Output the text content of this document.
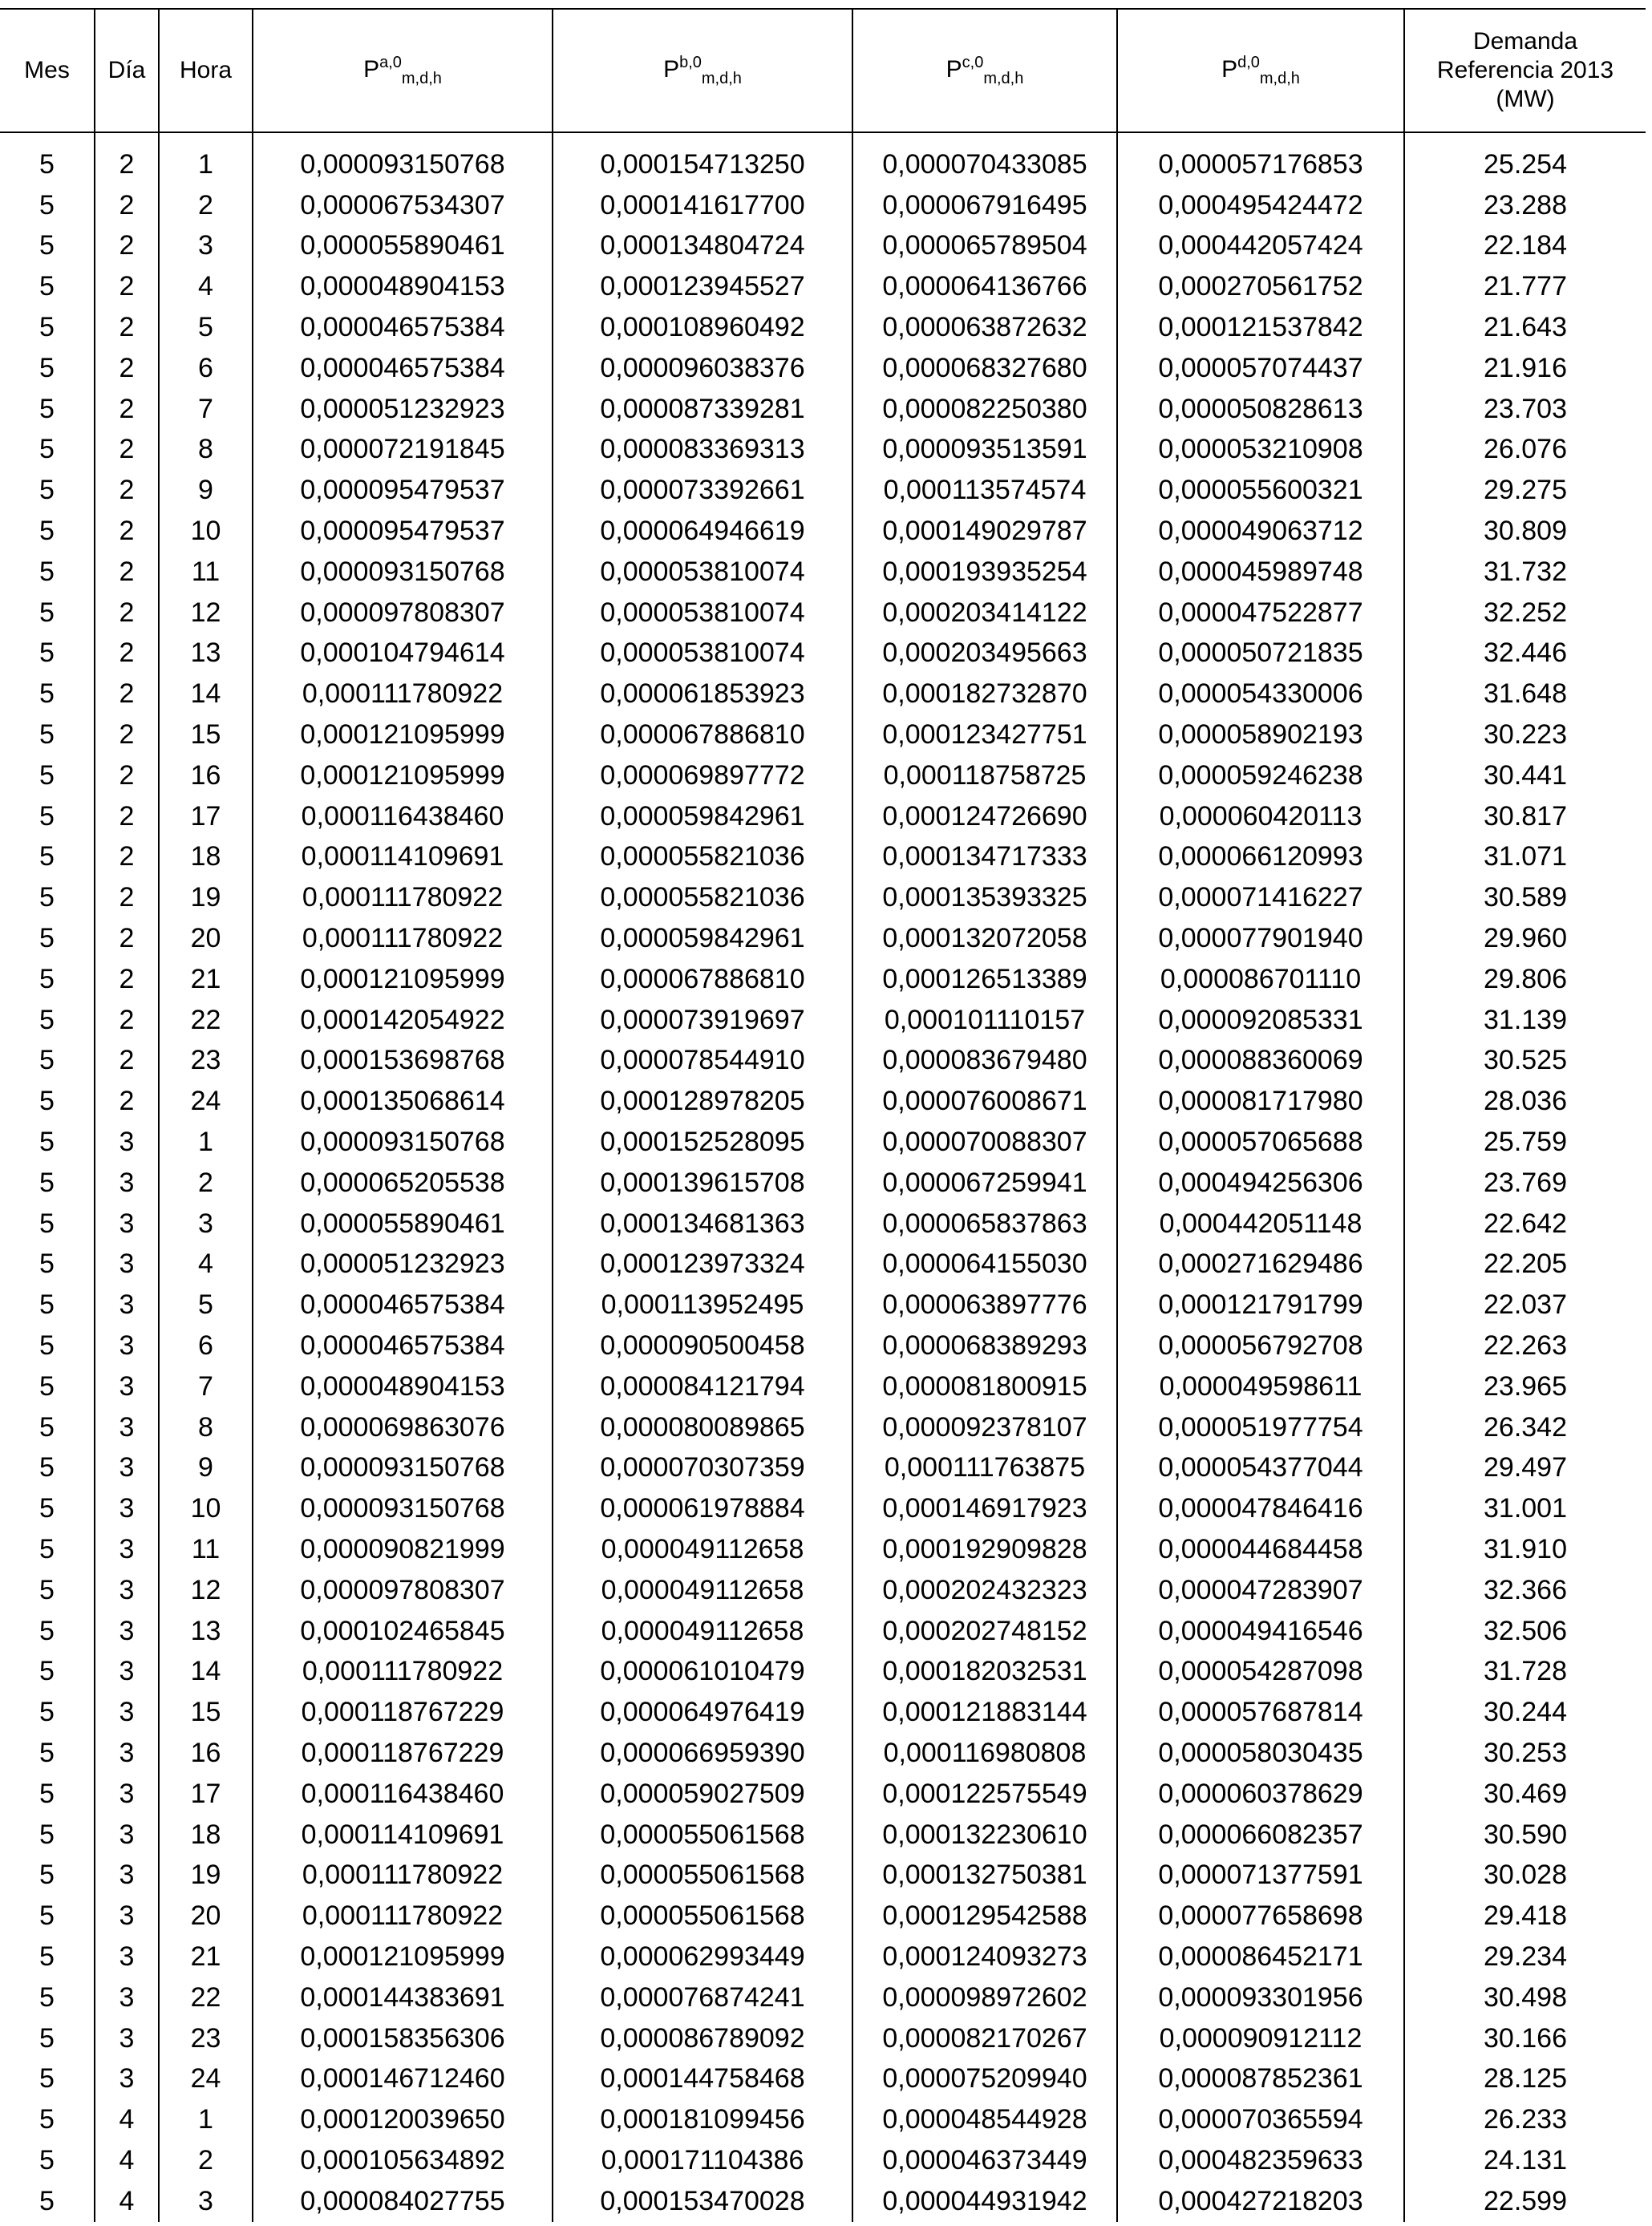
Mes	Día	Hora	P$^{a,0}_{m,d,h}$	P$^{b,0}_{m,d,h}$	P$^{c,0}_{m,d,h}$	P$^{d,0}_{m,d,h}$	Demanda
Referencia 2013
(MW)
5	2	1	0,000093150768	0,000154713250	0,000070433085	0,000057176853	25.254
5	2	2	0,000067534307	0,000141617700	0,000067916495	0,000495424472	23.288
5	2	3	0,000055890461	0,000134804724	0,000065789504	0,000442057424	22.184
5	2	4	0,000048904153	0,000123945527	0,000064136766	0,000270561752	21.777
5	2	5	0,000046575384	0,000108960492	0,000063872632	0,000121537842	21.643
5	2	6	0,000046575384	0,000096038376	0,000068327680	0,000057074437	21.916
5	2	7	0,000051232923	0,000087339281	0,000082250380	0,000050828613	23.703
5	2	8	0,000072191845	0,000083369313	0,000093513591	0,000053210908	26.076
5	2	9	0,000095479537	0,000073392661	0,000113574574	0,000055600321	29.275
5	2	10	0,000095479537	0,000064946619	0,000149029787	0,000049063712	30.809
5	2	11	0,000093150768	0,000053810074	0,000193935254	0,000045989748	31.732
5	2	12	0,000097808307	0,000053810074	0,000203414122	0,000047522877	32.252
5	2	13	0,000104794614	0,000053810074	0,000203495663	0,000050721835	32.446
5	2	14	0,000111780922	0,000061853923	0,000182732870	0,000054330006	31.648
5	2	15	0,000121095999	0,000067886810	0,000123427751	0,000058902193	30.223
5	2	16	0,000121095999	0,000069897772	0,000118758725	0,000059246238	30.441
5	2	17	0,000116438460	0,000059842961	0,000124726690	0,000060420113	30.817
5	2	18	0,000114109691	0,000055821036	0,000134717333	0,000066120993	31.071
5	2	19	0,000111780922	0,000055821036	0,000135393325	0,000071416227	30.589
5	2	20	0,000111780922	0,000059842961	0,000132072058	0,000077901940	29.960
5	2	21	0,000121095999	0,000067886810	0,000126513389	0,000086701110	29.806
5	2	22	0,000142054922	0,000073919697	0,000101110157	0,000092085331	31.139
5	2	23	0,000153698768	0,000078544910	0,000083679480	0,000088360069	30.525
5	2	24	0,000135068614	0,000128978205	0,000076008671	0,000081717980	28.036
5	3	1	0,000093150768	0,000152528095	0,000070088307	0,000057065688	25.759
5	3	2	0,000065205538	0,000139615708	0,000067259941	0,000494256306	23.769
5	3	3	0,000055890461	0,000134681363	0,000065837863	0,000442051148	22.642
5	3	4	0,000051232923	0,000123973324	0,000064155030	0,000271629486	22.205
5	3	5	0,000046575384	0,000113952495	0,000063897776	0,000121791799	22.037
5	3	6	0,000046575384	0,000090500458	0,000068389293	0,000056792708	22.263
5	3	7	0,000048904153	0,000084121794	0,000081800915	0,000049598611	23.965
5	3	8	0,000069863076	0,000080089865	0,000092378107	0,000051977754	26.342
5	3	9	0,000093150768	0,000070307359	0,000111763875	0,000054377044	29.497
5	3	10	0,000093150768	0,000061978884	0,000146917923	0,000047846416	31.001
5	3	11	0,000090821999	0,000049112658	0,000192909828	0,000044684458	31.910
5	3	12	0,000097808307	0,000049112658	0,000202432323	0,000047283907	32.366
5	3	13	0,000102465845	0,000049112658	0,000202748152	0,000049416546	32.506
5	3	14	0,000111780922	0,000061010479	0,000182032531	0,000054287098	31.728
5	3	15	0,000118767229	0,000064976419	0,000121883144	0,000057687814	30.244
5	3	16	0,000118767229	0,000066959390	0,000116980808	0,000058030435	30.253
5	3	17	0,000116438460	0,000059027509	0,000122575549	0,000060378629	30.469
5	3	18	0,000114109691	0,000055061568	0,000132230610	0,000066082357	30.590
5	3	19	0,000111780922	0,000055061568	0,000132750381	0,000071377591	30.028
5	3	20	0,000111780922	0,000055061568	0,000129542588	0,000077658698	29.418
5	3	21	0,000121095999	0,000062993449	0,000124093273	0,000086452171	29.234
5	3	22	0,000144383691	0,000076874241	0,000098972602	0,000093301956	30.498
5	3	23	0,000158356306	0,000086789092	0,000082170267	0,000090912112	30.166
5	3	24	0,000146712460	0,000144758468	0,000075209940	0,000087852361	28.125
5	4	1	0,000120039650	0,000181099456	0,000048544928	0,000070365594	26.233
5	4	2	0,000105634892	0,000171104386	0,000046373449	0,000482359633	24.131
5	4	3	0,000084027755	0,000153470028	0,000044931942	0,000427218203	22.599
